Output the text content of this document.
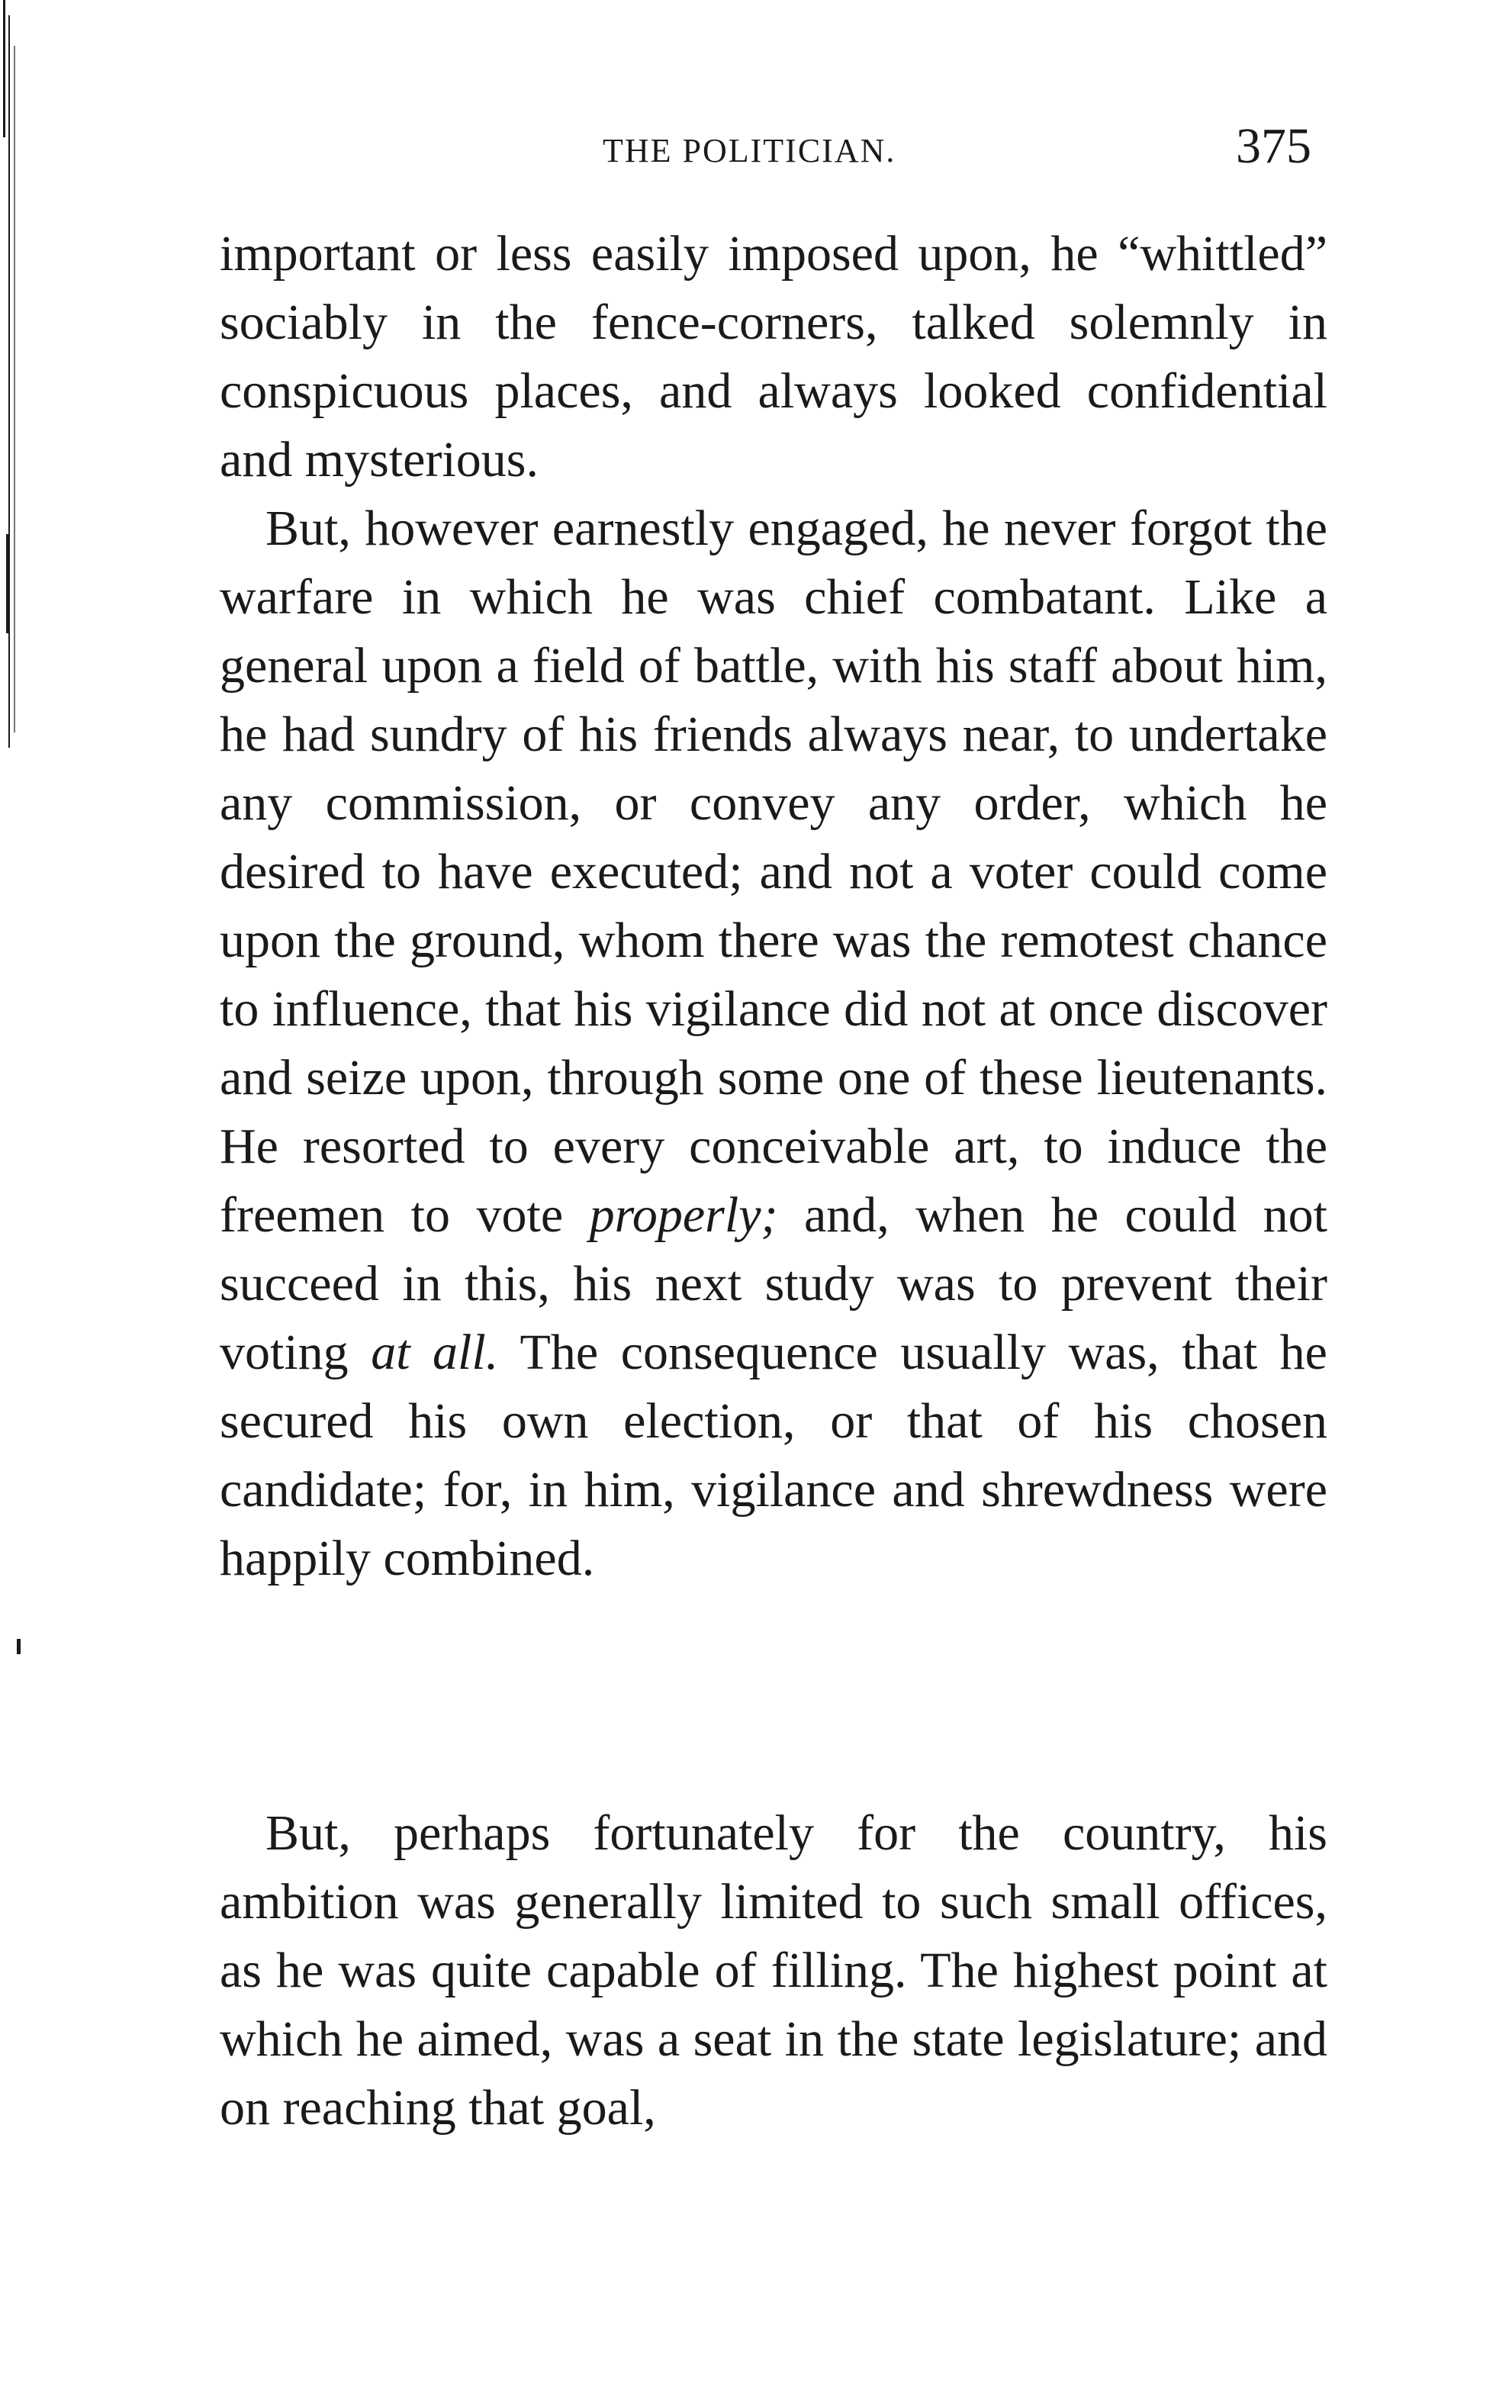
THE POLITICIAN.	375

important or less easily imposed upon, he “whittled” sociably in the fence-corners, talked solemnly in conspicuous places, and always looked confidential and mysterious.

But, however earnestly engaged, he never forgot the warfare in which he was chief combatant. Like a general upon a field of battle, with his staff about him, he had sundry of his friends always near, to undertake any commission, or convey any order, which he desired to have executed; and not a voter could come upon the ground, whom there was the remotest chance to influence, that his vigilance did not at once discover and seize upon, through some one of these lieutenants. He resorted to every conceivable art, to induce the freemen to vote properly; and, when he could not succeed in this, his next study was to prevent their voting at all. The consequence usually was, that he secured his own election, or that of his chosen candidate; for, in him, vigilance and shrewdness were happily combined.

But, perhaps fortunately for the country, his ambition was generally limited to such small offices, as he was quite capable of filling. The highest point at which he aimed, was a seat in the state legislature; and on reaching that goal,
